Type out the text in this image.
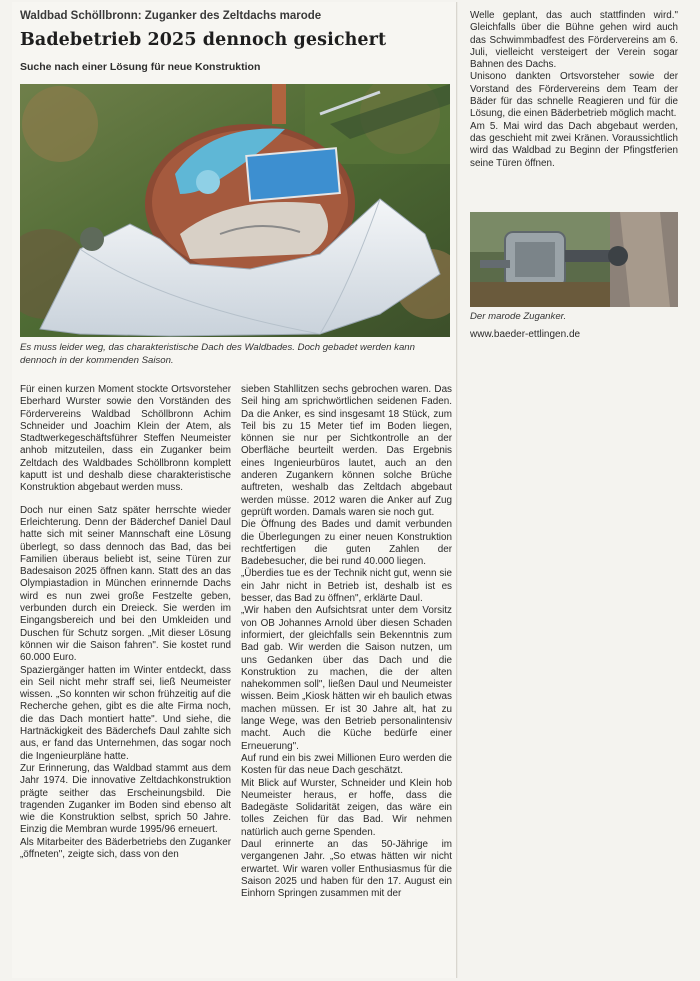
Waldbad Schöllbronn: Zuganker des Zeltdachs marode
Badebetrieb 2025 dennoch gesichert
Suche nach einer Lösung für neue Konstruktion
Es muss leider weg, das charakteristische Dach des Waldbades. Doch gebadet werden kann dennoch in der kommenden Saison.

Für einen kurzen Moment stockte Ortsvorsteher Eberhard Wurster sowie den Vorständen des Fördervereins Waldbad Schöllbronn Achim Schneider und Joachim Klein der Atem, als Stadtwerkegeschäftsführer Steffen Neumeister anhob mitzuteilen, dass ein Zuganker beim Zeltdach des Waldbades Schöllbronn komplett kaputt ist und deshalb diese charakteristische Konstruktion abgebaut werden muss.

Doch nur einen Satz später herrschte wieder Erleichterung. Denn der Bäderchef Daniel Daul hatte sich mit seiner Mannschaft eine Lösung überlegt, so dass dennoch das Bad, das bei Familien überaus beliebt ist, seine Türen zur Badesaison 2025 öffnen kann. Statt des an das Olympiastadion in München erinnernde Dachs wird es nun zwei große Festzelte geben, verbunden durch ein Dreieck. Sie werden im Eingangsbereich und bei den Umkleiden und Duschen für Schutz sorgen. „Mit dieser Lösung können wir die Saison fahren". Sie kostet rund 60.000 Euro.

Spaziergänger hatten im Winter entdeckt, dass ein Seil nicht mehr straff sei, ließ Neumeister wissen. „So konnten wir schon frühzeitig auf die Recherche gehen, gibt es die alte Firma noch, die das Dach montiert hatte". Und siehe, die Hartnäckigkeit des Bäderchefs Daul zahlte sich aus, er fand das Unternehmen, das sogar noch die Ingenieurpläne hatte.

Zur Erinnerung, das Waldbad stammt aus dem Jahr 1974. Die innovative Zeltdachkonstruktion prägte seither das Erscheinungsbild. Die tragenden Zuganker im Boden sind ebenso alt wie die Konstruktion selbst, sprich 50 Jahre. Einzig die Membran wurde 1995/96 erneuert.

Als Mitarbeiter des Bäderbetriebs den Zuganker „öffneten", zeigte sich, dass von den

sieben Stahllitzen sechs gebrochen waren. Das Seil hing am sprichwörtlichen seidenen Faden. Da die Anker, es sind insgesamt 18 Stück, zum Teil bis zu 15 Meter tief im Boden liegen, können sie nur per Sichtkontrolle an der Oberfläche beurteilt werden. Das Ergebnis eines Ingenieurbüros lautet, auch an den anderen Zugankern können solche Brüche auftreten, weshalb das Zeltdach abgebaut werden müsse. 2012 waren die Anker auf Zug geprüft worden. Damals waren sie noch gut.

Die Öffnung des Bades und damit verbunden die Überlegungen zu einer neuen Konstruktion rechtfertigen die guten Zahlen der Badebesucher, die bei rund 40.000 liegen.

„Überdies tue es der Technik nicht gut, wenn sie ein Jahr nicht in Betrieb ist, deshalb ist es besser, das Bad zu öffnen", erklärte Daul.

„Wir haben den Aufsichtsrat unter dem Vorsitz von OB Johannes Arnold über diesen Schaden informiert, der gleichfalls sein Bekenntnis zum Bad gab. Wir werden die Saison nutzen, um uns Gedanken über das Dach und die Konstruktion zu machen, die der alten nahekommen soll", ließen Daul und Neumeister wissen. Beim „Kiosk hätten wir eh baulich etwas machen müssen. Er ist 30 Jahre alt, hat zu lange Wege, was den Betrieb personalintensiv macht. Auch die Küche bedürfe einer Erneuerung".

Auf rund ein bis zwei Millionen Euro werden die Kosten für das neue Dach geschätzt.

Mit Blick auf Wurster, Schneider und Klein hob Neumeister heraus, er hoffe, dass die Badegäste Solidarität zeigen, das wäre ein tolles Zeichen für das Bad. Wir nehmen natürlich auch gerne Spenden.

Daul erinnerte an das 50-Jährige im vergangenen Jahr. „So etwas hätten wir nicht erwartet. Wir waren voller Enthusiasmus für die Saison 2025 und haben für den 17. August ein Einhorn Springen zusammen mit der

Welle geplant, das auch stattfinden wird." Gleichfalls über die Bühne gehen wird auch das Schwimmbadfest des Fördervereins am 6. Juli, vielleicht versteigert der Verein sogar Bahnen des Dachs.

Unisono dankten Ortsvorsteher sowie der Vorstand des Fördervereins dem Team der Bäder für das schnelle Reagieren und für die Lösung, die einen Bäderbetrieb möglich macht.

Am 5. Mai wird das Dach abgebaut werden, das geschieht mit zwei Kränen. Voraussichtlich wird das Waldbad zu Beginn der Pfingstferien seine Türen öffnen.

Der marode Zuganker.
www.baeder-ettlingen.de
